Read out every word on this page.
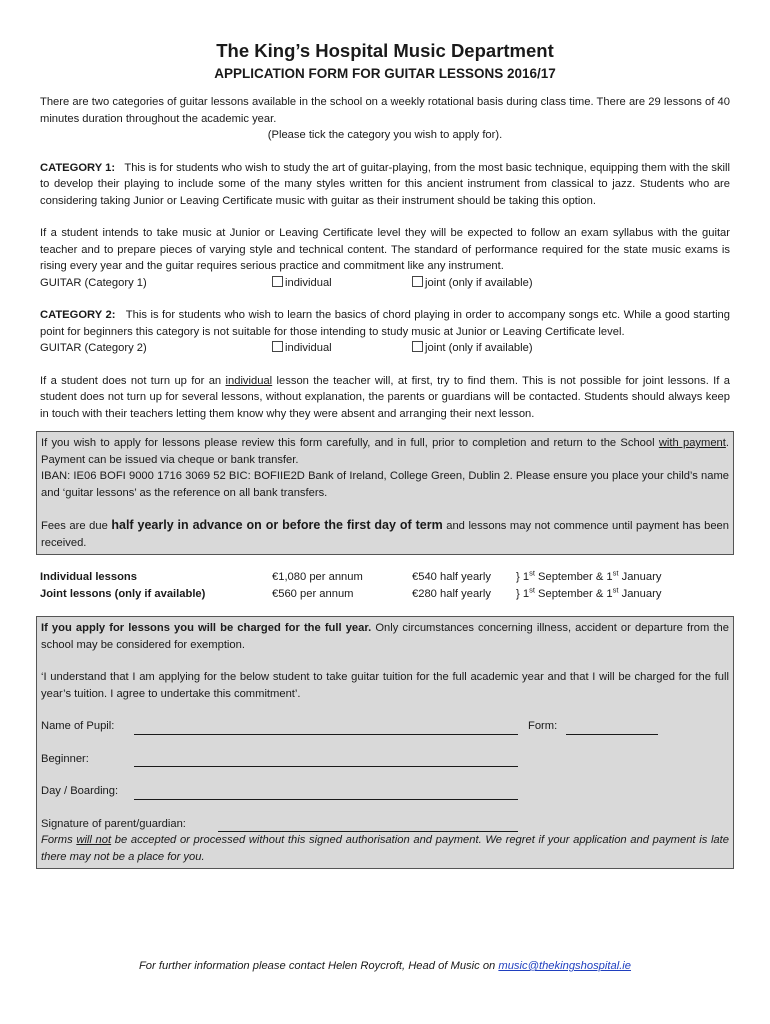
The King’s Hospital Music Department
APPLICATION FORM FOR GUITAR LESSONS 2016/17

There are two categories of guitar lessons available in the school on a weekly rotational basis during class time. There are 29 lessons of 40 minutes duration throughout the academic year.

(Please tick the category you wish to apply for).

CATEGORY 1: This is for students who wish to study the art of guitar-playing, from the most basic technique, equipping them with the skill to develop their playing to include some of the many styles written for this ancient instrument from classical to jazz. Students who are considering taking Junior or Leaving Certificate music with guitar as their instrument should be taking this option.

If a student intends to take music at Junior or Leaving Certificate level they will be expected to follow an exam syllabus with the guitar teacher and to prepare pieces of varying style and technical content. The standard of performance required for the state music exams is rising every year and the guitar requires serious practice and commitment like any instrument.

GUITAR (Category 1)	individual	joint (only if available)

CATEGORY 2: This is for students who wish to learn the basics of chord playing in order to accompany songs etc. While a good starting point for beginners this category is not suitable for those intending to study music at Junior or Leaving Certificate level.

GUITAR (Category 2)	individual	joint (only if available)

If a student does not turn up for an individual lesson the teacher will, at first, try to find them. This is not possible for joint lessons. If a student does not turn up for several lessons, without explanation, the parents or guardians will be contacted. Students should always keep in touch with their teachers letting them know why they were absent and arranging their next lesson.

If you wish to apply for lessons please review this form carefully, and in full, prior to completion and return to the School with payment. Payment can be issued via cheque or bank transfer.

IBAN: IE06 BOFI 9000 1716 3069 52 BIC: BOFIIE2D Bank of Ireland, College Green, Dublin 2. Please ensure you place your child’s name and ‘guitar lessons’ as the reference on all bank transfers.

Fees are due half yearly in advance on or before the first day of term and lessons may not commence until payment has been received.

Individual lessons	€1,080 per annum	€540 half yearly	} 1st September & 1st January
Joint lessons (only if available)	€560 per annum	€280 half yearly	} 1st September & 1st January

If you apply for lessons you will be charged for the full year. Only circumstances concerning illness, accident or departure from the school may be considered for exemption.

‘I understand that I am applying for the below student to take guitar tuition for the full academic year and that I will be charged for the full year’s tuition. I agree to undertake this commitment’.

Name of Pupil:	Form:
Beginner:
Day / Boarding:
Signature of parent/guardian:

Forms will not be accepted or processed without this signed authorisation and payment. We regret if your application and payment is late there may not be a place for you.

For further information please contact Helen Roycroft, Head of Music on music@thekingshospital.ie
